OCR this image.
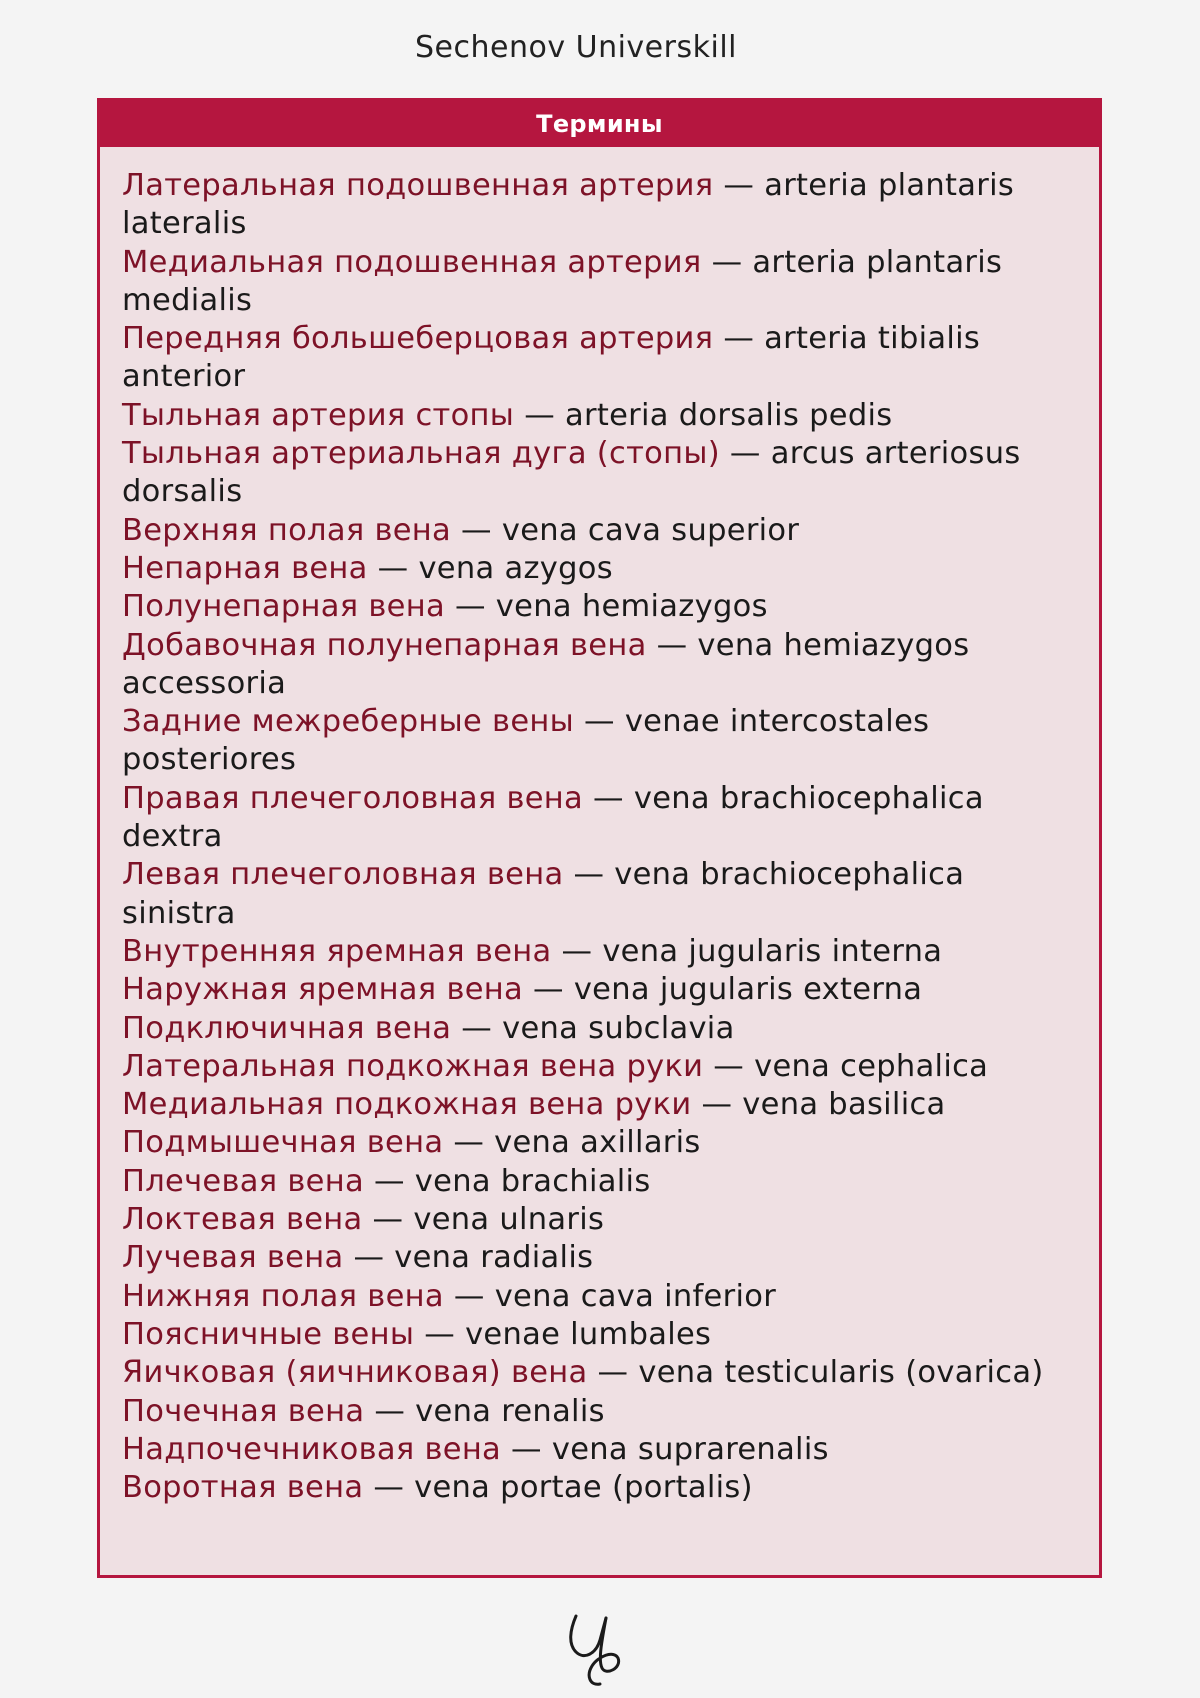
Sechenov Universkill
Термины
Латеральная подошвенная артерия — arteria plantaris lateralis
Медиальная подошвенная артерия — arteria plantaris medialis
Передняя большеберцовая артерия — arteria tibialis anterior
Тыльная артерия стопы — arteria dorsalis pedis
Тыльная артериальная дуга (стопы) — arcus arteriosus dorsalis
Верхняя полая вена — vena cava superior
Непарная вена — vena azygos
Полунепарная вена — vena hemiazygos
Добавочная полунепарная вена — vena hemiazygos accessoria
Задние межреберные вены — venae intercostales posteriores
Правая плечеголовная вена — vena brachiocephalica dextra
Левая плечеголовная вена — vena brachiocephalica sinistra
Внутренняя яремная вена — vena jugularis interna
Наружная яремная вена — vena jugularis externa
Подключичная вена — vena subclavia
Латеральная подкожная вена руки — vena cephalica
Медиальная подкожная вена руки — vena basilica
Подмышечная вена — vena axillaris
Плечевая вена — vena brachialis
Локтевая вена — vena ulnaris
Лучевая вена — vena radialis
Нижняя полая вена — vena cava inferior
Поясничные вены — venae lumbales
Яичковая (яичниковая) вена — vena testicularis (ovarica)
Почечная вена — vena renalis
Надпочечниковая вена — vena suprarenalis
Воротная вена — vena portae (portalis)
